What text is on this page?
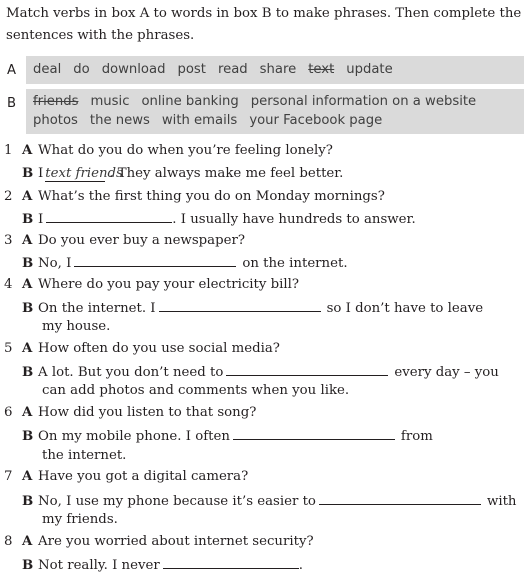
Match verbs in box A to words in box B to make phrases. Then complete the sentences with the phrases.

A	deal do download post read share text update
B	friends music online banking personal information on a website
photos the news with emails your Facebook page
1 A What do you do when you’re feeling lonely?
B I text friends. They always make me feel better.
2 A What’s the first thing you do on Monday mornings?
B I	. I usually have hundreds to answer.
3 A Do you ever buy a newspaper?
B No, I	on the internet.
4 A Where do you pay your electricity bill?
B On the internet. I	so I don’t have to leave
my house.
5 A How often do you use social media?
B A lot. But you don’t need to	every day – you
can add photos and comments when you like.
6 A How did you listen to that song?
B On my mobile phone. I often	from
the internet.
7 A Have you got a digital camera?
B No, I use my phone because it’s easier to	with
my friends.
8 A Are you worried about internet security?
B Not really. I never	.
